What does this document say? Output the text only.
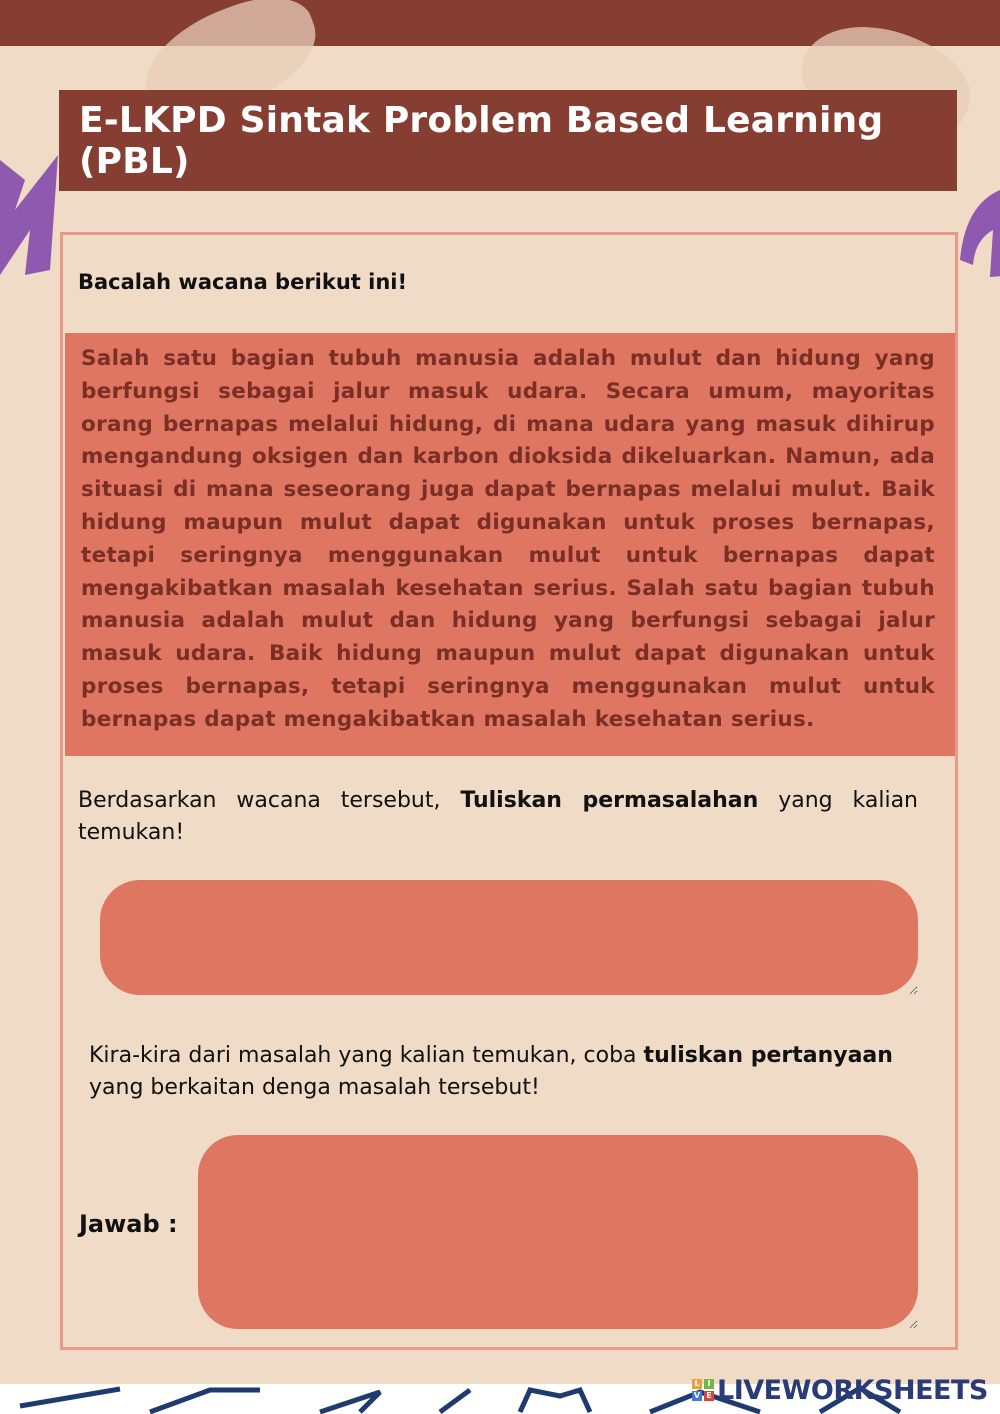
E-LKPD Sintak Problem Based Learning (PBL)

Bacalah wacana berikut ini!

Salah satu bagian tubuh manusia adalah mulut dan hidung yang berfungsi sebagai jalur masuk udara. Secara umum, mayoritas orang bernapas melalui hidung, di mana udara yang masuk dihirup mengandung oksigen dan karbon dioksida dikeluarkan. Namun, ada situasi di mana seseorang juga dapat bernapas melalui mulut. Baik hidung maupun mulut dapat digunakan untuk proses bernapas, tetapi seringnya menggunakan mulut untuk bernapas dapat mengakibatkan masalah kesehatan serius. Salah satu bagian tubuh manusia adalah mulut dan hidung yang berfungsi sebagai jalur masuk udara. Baik hidung maupun mulut dapat digunakan untuk proses bernapas, tetapi seringnya menggunakan mulut untuk bernapas dapat mengakibatkan masalah kesehatan serius.

Berdasarkan wacana tersebut, Tuliskan permasalahan yang kalian temukan!

Kira-kira dari masalah yang kalian temukan, coba tuliskan pertanyaan yang berkaitan denga masalah tersebut!

Jawab :

L I
V E LIVEWORKSHEETS
